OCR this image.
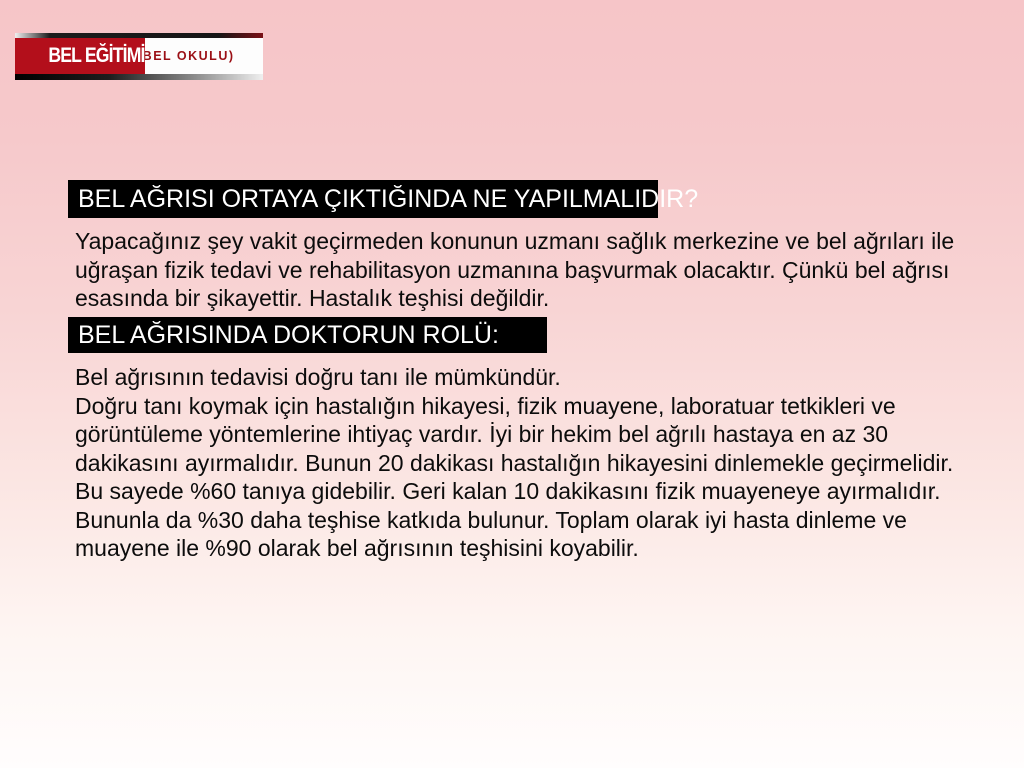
BEL EĞİTİMİ
(BEL OKULU)
BEL AĞRISI ORTAYA ÇIKTIĞINDA NE YAPILMALIDIR?
Yapacağınız şey vakit geçirmeden konunun uzmanı sağlık merkezine ve bel ağrıları ile
uğraşan fizik tedavi ve rehabilitasyon uzmanına başvurmak olacaktır. Çünkü bel ağrısı
esasında bir şikayettir. Hastalık teşhisi değildir.
BEL AĞRISINDA DOKTORUN ROLÜ:
Bel ağrısının tedavisi doğru tanı ile mümkündür.
Doğru tanı koymak için hastalığın hikayesi, fizik muayene, laboratuar tetkikleri ve
görüntüleme yöntemlerine ihtiyaç vardır. İyi bir hekim bel ağrılı hastaya en az 30
dakikasını ayırmalıdır. Bunun 20 dakikası hastalığın hikayesini dinlemekle geçirmelidir.
Bu sayede %60 tanıya gidebilir. Geri kalan 10 dakikasını fizik muayeneye ayırmalıdır.
Bununla da %30 daha teşhise katkıda bulunur. Toplam olarak iyi hasta dinleme ve
muayene ile %90 olarak bel ağrısının teşhisini koyabilir.
